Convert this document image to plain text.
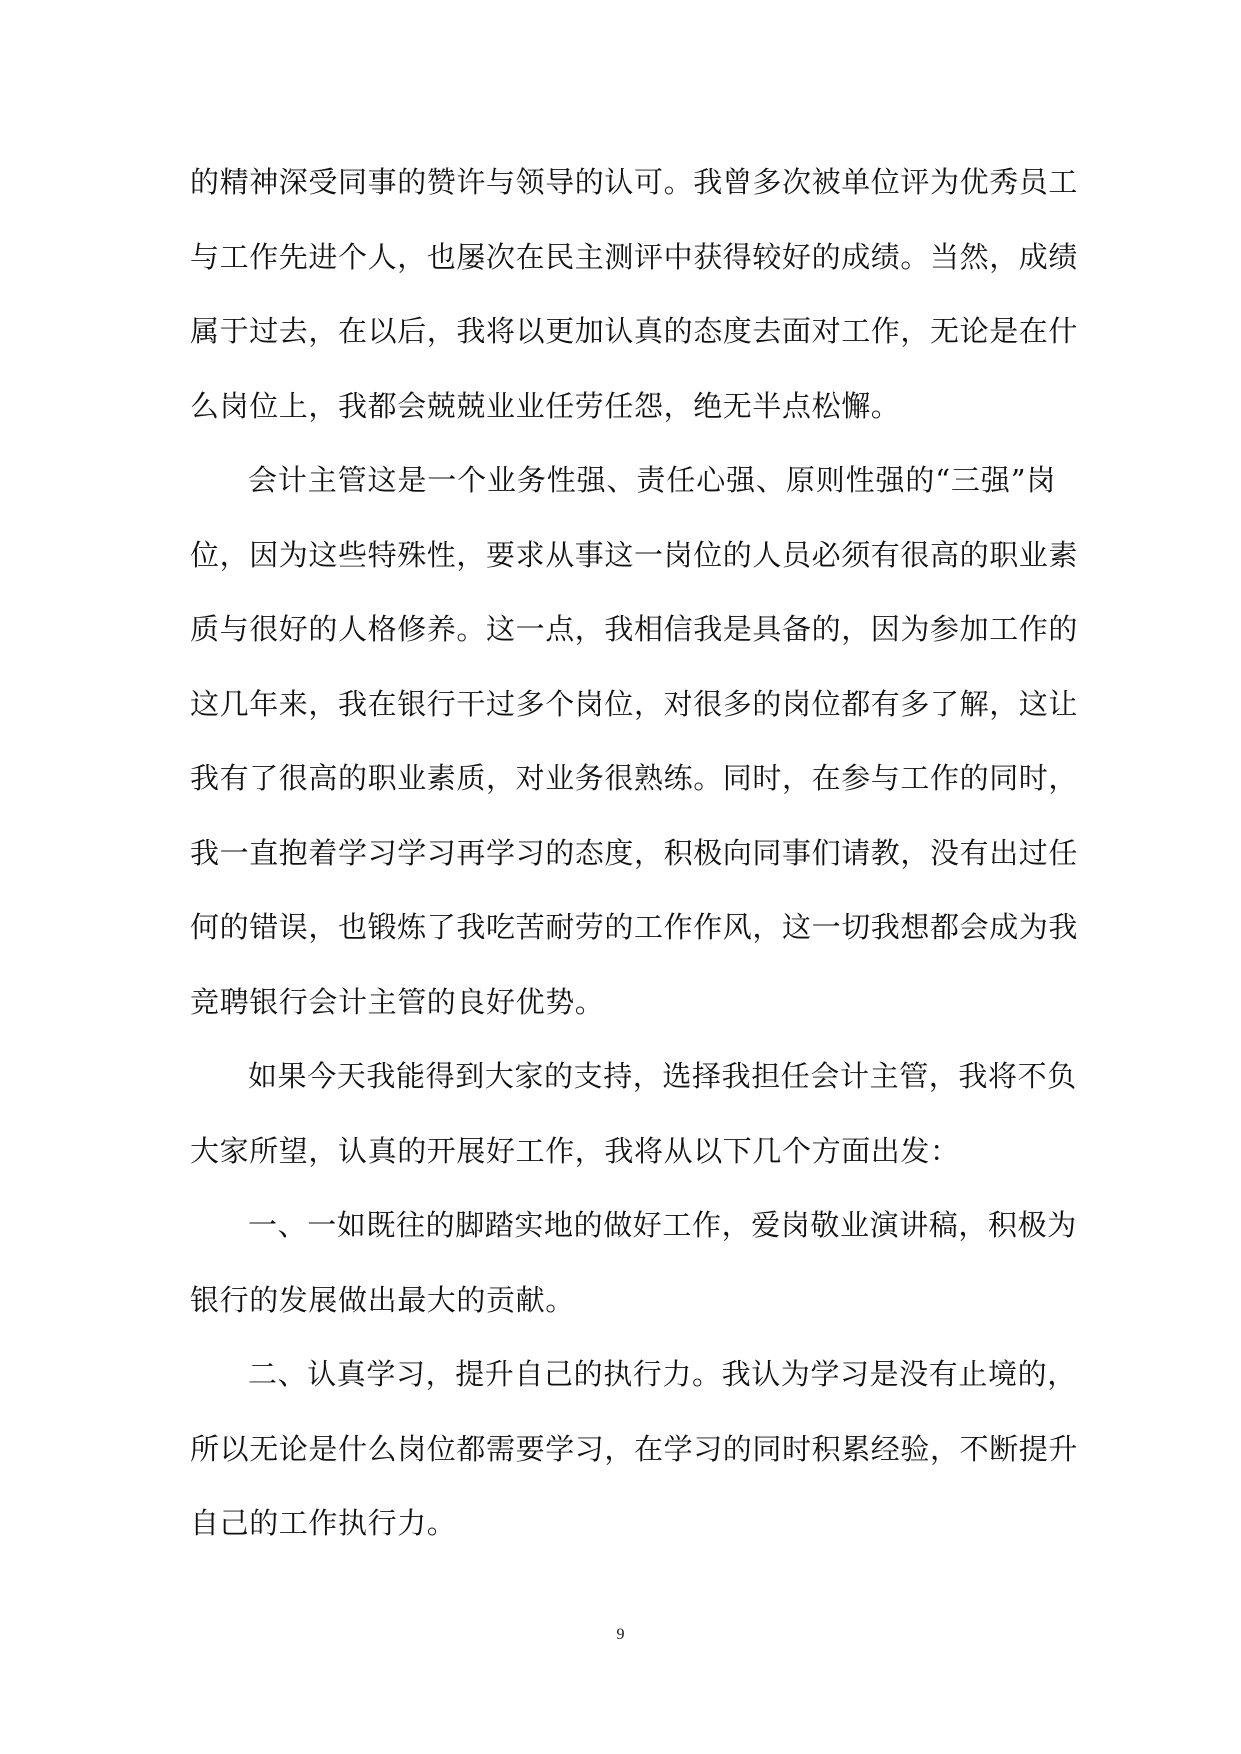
的精神深受同事的赞许与领导的认可。我曾多次被单位评为优秀员工
与工作先进个人，也屡次在民主测评中获得较好的成绩。当然，成绩
属于过去，在以后，我将以更加认真的态度去面对工作，无论是在什
么岗位上，我都会兢兢业业任劳任怨，绝无半点松懈。
会计主管这是一个业务性强、责任心强、原则性强的“三强”岗
位，因为这些特殊性，要求从事这一岗位的人员必须有很高的职业素
质与很好的人格修养。这一点，我相信我是具备的，因为参加工作的
这几年来，我在银行干过多个岗位，对很多的岗位都有多了解，这让
我有了很高的职业素质，对业务很熟练。同时，在参与工作的同时，
我一直抱着学习学习再学习的态度，积极向同事们请教，没有出过任
何的错误，也锻炼了我吃苦耐劳的工作作风，这一切我想都会成为我
竞聘银行会计主管的良好优势。
如果今天我能得到大家的支持，选择我担任会计主管，我将不负
大家所望，认真的开展好工作，我将从以下几个方面出发：
一、一如既往的脚踏实地的做好工作，爱岗敬业演讲稿，积极为
银行的发展做出最大的贡献。
二、认真学习，提升自己的执行力。我认为学习是没有止境的，
所以无论是什么岗位都需要学习，在学习的同时积累经验，不断提升
自己的工作执行力。
9
